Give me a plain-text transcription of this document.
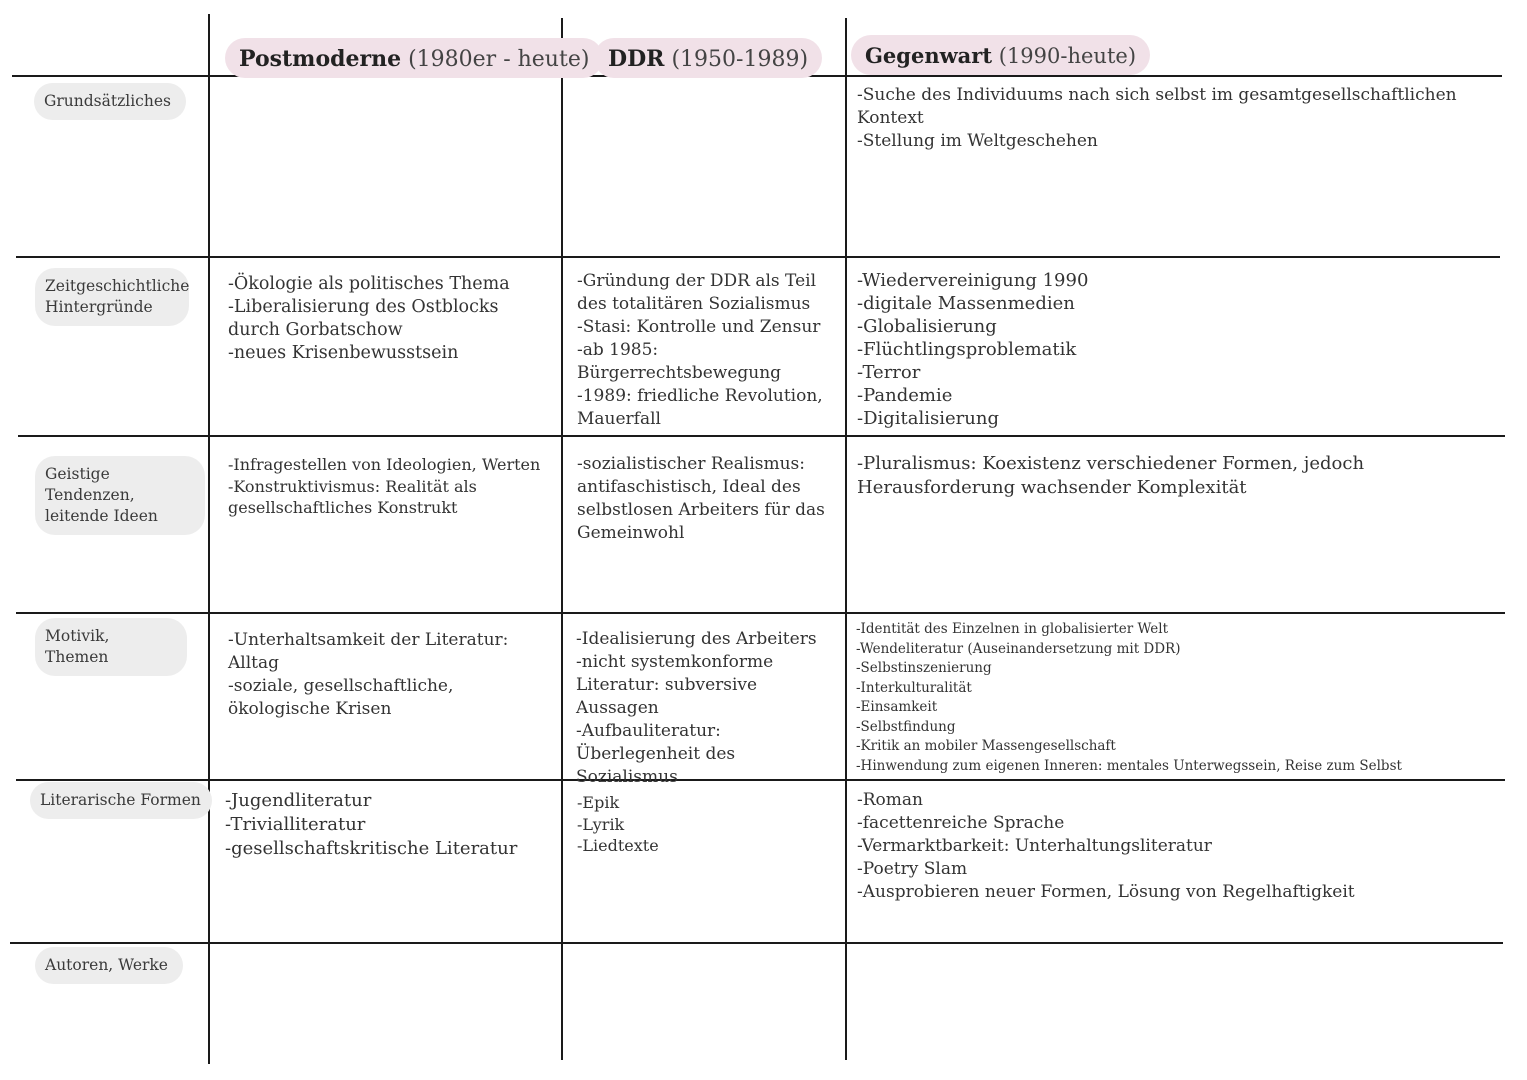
Postmoderne (1980er - heute) DDR (1950-1989)	Gegenwart (1990-heute)
Grundsätzliches
Zeitgeschichtliche Hintergründe
Geistige Tendenzen, leitende Ideen
Motivik, Themen
Literarische Formen
Autoren, Werke
-Suche des Individuums nach sich selbst im gesamtgesellschaftlichen Kontext
-Stellung im Weltgeschehen
-Ökologie als politisches Thema
-Liberalisierung des Ostblocks durch Gorbatschow
-neues Krisenbewusstsein
-Gründung der DDR als Teil des totalitären Sozialismus
-Stasi: Kontrolle und Zensur
-ab 1985: Bürgerrechtsbewegung
-1989: friedliche Revolution, Mauerfall
-Wiedervereinigung 1990
-digitale Massenmedien
-Globalisierung
-Flüchtlingsproblematik
-Terror
-Pandemie
-Digitalisierung
-Infragestellen von Ideologien, Werten
-Konstruktivismus: Realität als gesellschaftliches Konstrukt
-sozialistischer Realismus: antifaschistisch, Ideal des selbstlosen Arbeiters für das Gemeinwohl
-Pluralismus: Koexistenz verschiedener Formen, jedoch Herausforderung wachsender Komplexität
-Unterhaltsamkeit der Literatur: Alltag
-soziale, gesellschaftliche, ökologische Krisen
-Idealisierung des Arbeiters
-nicht systemkonforme Literatur: subversive Aussagen
-Aufbauliteratur: Überlegenheit des Sozialismus
-Identität des Einzelnen in globalisierter Welt
-Wendeliteratur (Auseinandersetzung mit DDR)
-Selbstinszenierung
-Interkulturalität
-Einsamkeit
-Selbstfindung
-Kritik an mobiler Massengesellschaft
-Hinwendung zum eigenen Inneren: mentales Unterwegssein, Reise zum Selbst
-Jugendliteratur
-Trivialliteratur
-gesellschaftskritische Literatur
-Epik
-Lyrik
-Liedtexte
-Roman
-facettenreiche Sprache
-Vermarktbarkeit: Unterhaltungsliteratur
-Poetry Slam
-Ausprobieren neuer Formen, Lösung von Regelhaftigkeit
